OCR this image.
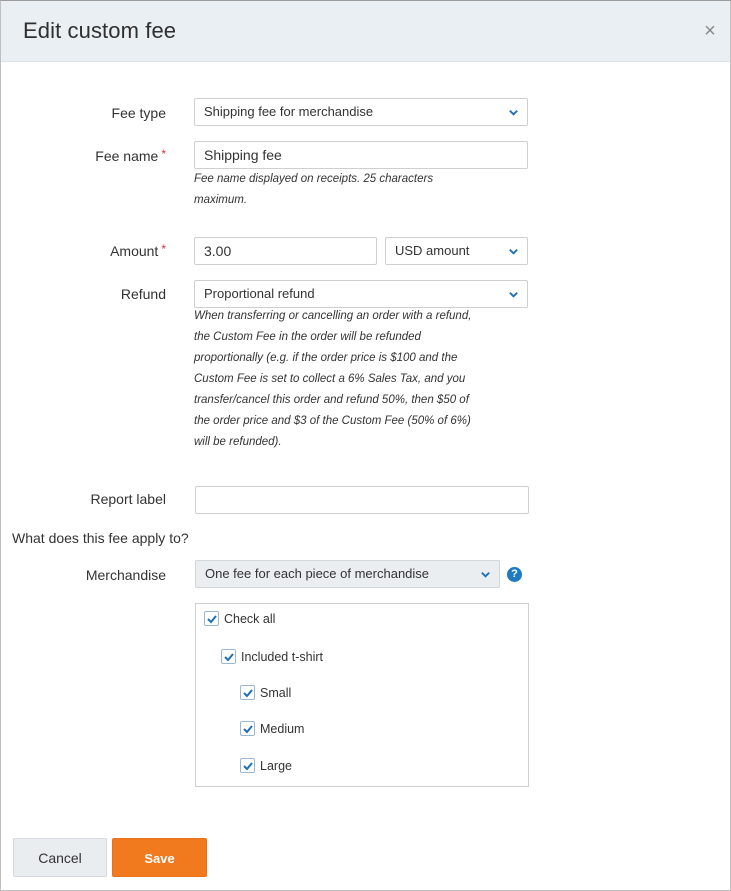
Edit custom fee	×
Fee type	Shipping fee for merchandise
Fee name *	Shipping fee
Fee name displayed on receipts. 25 characters
maximum.
Amount *	3.00	USD amount
Refund	Proportional refund
When transferring or cancelling an order with a refund,
the Custom Fee in the order will be refunded
proportionally (e.g. if the order price is $100 and the
Custom Fee is set to collect a 6% Sales Tax, and you
transfer/cancel this order and refund 50%, then $50 of
the order price and $3 of the Custom Fee (50% of 6%)
will be refunded).
Report label
What does this fee apply to?
Merchandise	One fee for each piece of merchandise	?
Check all
Included t-shirt
Small
Medium
Large
Cancel	Save
